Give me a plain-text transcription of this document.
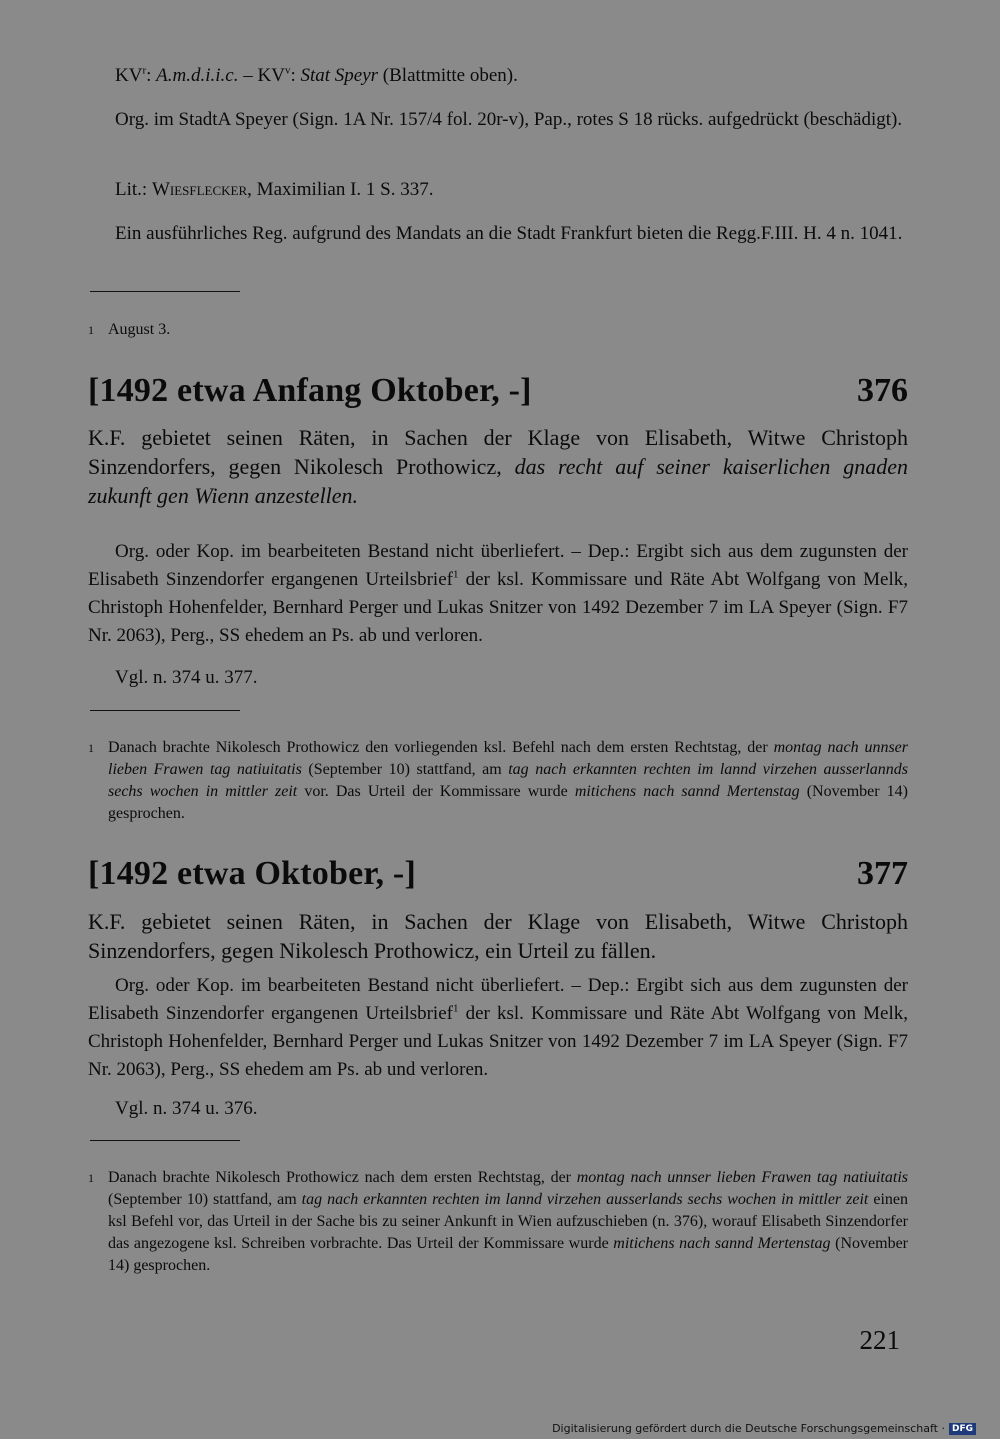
$KV^r$: A.m.d.i.i.c. – $KV^v$: Stat Speyr (Blattmitte oben).

Org. im StadtA Speyer (Sign. 1A Nr. 157/4 fol. 20r-v), Pap., rotes S 18 rücks. aufgedrückt (beschädigt).

Lit.: Wiesflecker, Maximilian I. 1 S. 337.

Ein ausführliches Reg. aufgrund des Mandats an die Stadt Frankfurt bieten die Regg.F.III. H. 4 n. 1041.

1 August 3.

[1492 etwa Anfang Oktober, -]	376

K.F. gebietet seinen Räten, in Sachen der Klage von Elisabeth, Witwe Christoph Sinzendorfers, gegen Nikolesch Prothowicz, das recht auf seiner kaiserlichen gnaden zukunft gen Wienn anzestellen.

Org. oder Kop. im bearbeiteten Bestand nicht überliefert. – Dep.: Ergibt sich aus dem zugunsten der Elisabeth Sinzendorfer ergangenen Urteilsbrief$^1$ der ksl. Kommissare und Räte Abt Wolfgang von Melk, Christoph Hohenfelder, Bernhard Perger und Lukas Snitzer von 1492 Dezember 7 im LA Speyer (Sign. F7 Nr. 2063), Perg., SS ehedem an Ps. ab und verloren.

Vgl. n. 374 u. 377.

1 Danach brachte Nikolesch Prothowicz den vorliegenden ksl. Befehl nach dem ersten Rechtstag, der montag nach unnser lieben Frawen tag natiuitatis (September 10) stattfand, am tag nach erkannten rechten im lannd virzehen ausserlannds sechs wochen in mittler zeit vor. Das Urteil der Kommissare wurde mitichens nach sannd Mertenstag (November 14) gesprochen.

[1492 etwa Oktober, -]	377

K.F. gebietet seinen Räten, in Sachen der Klage von Elisabeth, Witwe Christoph Sinzendorfers, gegen Nikolesch Prothowicz, ein Urteil zu fällen.

Org. oder Kop. im bearbeiteten Bestand nicht überliefert. – Dep.: Ergibt sich aus dem zugunsten der Elisabeth Sinzendorfer ergangenen Urteilsbrief$^1$ der ksl. Kommissare und Räte Abt Wolfgang von Melk, Christoph Hohenfelder, Bernhard Perger und Lukas Snitzer von 1492 Dezember 7 im LA Speyer (Sign. F7 Nr. 2063), Perg., SS ehedem am Ps. ab und verloren.

Vgl. n. 374 u. 376.

1 Danach brachte Nikolesch Prothowicz nach dem ersten Rechtstag, der montag nach unnser lieben Frawen tag natiuitatis (September 10) stattfand, am tag nach erkannten rechten im lannd virzehen ausserlands sechs wochen in mittler zeit einen ksl Befehl vor, das Urteil in der Sache bis zu seiner Ankunft in Wien aufzuschieben (n. 376), worauf Elisabeth Sinzendorfer das angezogene ksl. Schreiben vorbrachte. Das Urteil der Kommissare wurde mitichens nach sannd Mertenstag (November 14) gesprochen.

221
Digitalisierung gefördert durch die Deutsche Forschungsgemeinschaft · DFG
